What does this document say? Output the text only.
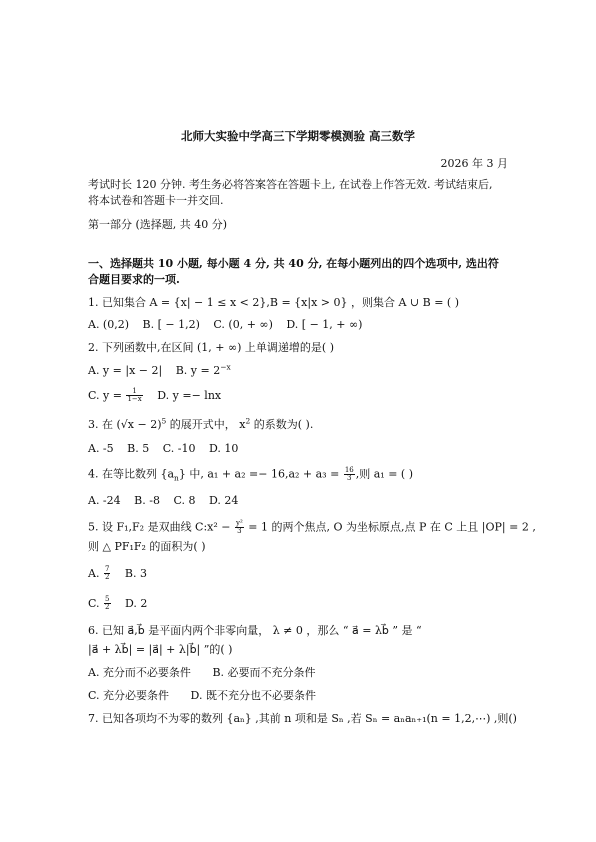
北师大实验中学高三下学期零模测验 高三数学
2026 年 3 月
考试时长 120 分钟. 考生务必将答案答在答题卡上, 在试卷上作答无效. 考试结束后,
将本试卷和答题卡一并交回.
第一部分 (选择题, 共 40 分)
一、选择题共 10 小题, 每小题 4 分, 共 40 分, 在每小题列出的四个选项中, 选出符
合题目要求的一项.
1. 已知集合 A = {x| − 1 ≤ x < 2},B = {x|x > 0} ，则集合 A ∪ B = ( )
A. (0,2) B. [ − 1,2) C. (0, + ∞) D. [ − 1, + ∞)
2. 下列函数中,在区间 (1, + ∞) 上单调递增的是( )
A. y = |x − 2| B. $y = 2^{-x}$
C. $y = \frac{1}{1-x} D$. y =− lnx
3. 在 $(√x - 2)^5$ 的展开式中， $x^2$ 的系数为( ).
A. -5 B. 5 C. -10 D. 10
4. 在等比数列 $\{a_n\}$ 中, $a_1 + a_2 =- 16,a_2 + a_3 = \frac{16}{3}$ ,则 a₁ = ( )
A. -24 B. -8 C. 8 D. 24
5. 设 F₁,F₂ 是双曲线 C:x² − $\frac{\text{y²}}{3} = 1$ 的两个焦点, O 为坐标原点,点 P 在 C 上且 |OP| = 2 ,
则 △ PF₁F₂ 的面积为( )
A. $\frac{7}{2} B$. 3
C. $\frac{5}{2} D$. 2
6. 已知 a⃗,b⃗ 是平面内两个非零向量， λ ≠ 0 ，那么 “ a⃗ = λb⃗ ” 是 “
|a⃗ + λb⃗| = |a⃗| + λ|b⃗| ”的( )
A. 充分而不必要条件 B. 必要而不充分条件
C. 充分必要条件 D. 既不充分也不必要条件
7. 已知各项均不为零的数列 {aₙ} ,其前 n 项和是 Sₙ ,若 Sₙ = aₙaₙ₊₁(n = 1,2,⋯) ,则()
